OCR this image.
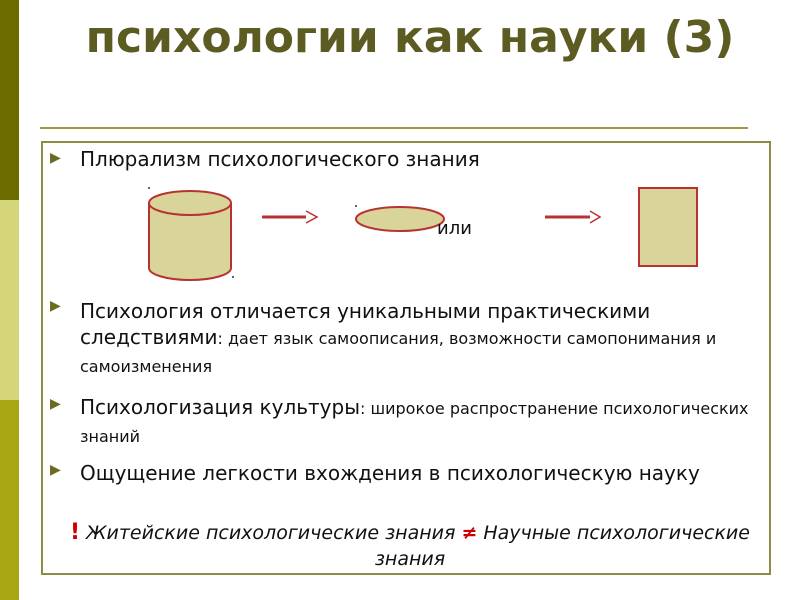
психологии как науки (3)
▶ Плюрализм психологического знания
или
▶ Психология отличается уникальными практическими следствиями: дает язык самоописания, возможности самопонимания и самоизменения
▶ Психологизация культуры: широкое распространение психологических знаний
▶ Ощущение легкости вхождения в психологическую науку
! Житейские психологические знания ≠ Научные психологические знания
